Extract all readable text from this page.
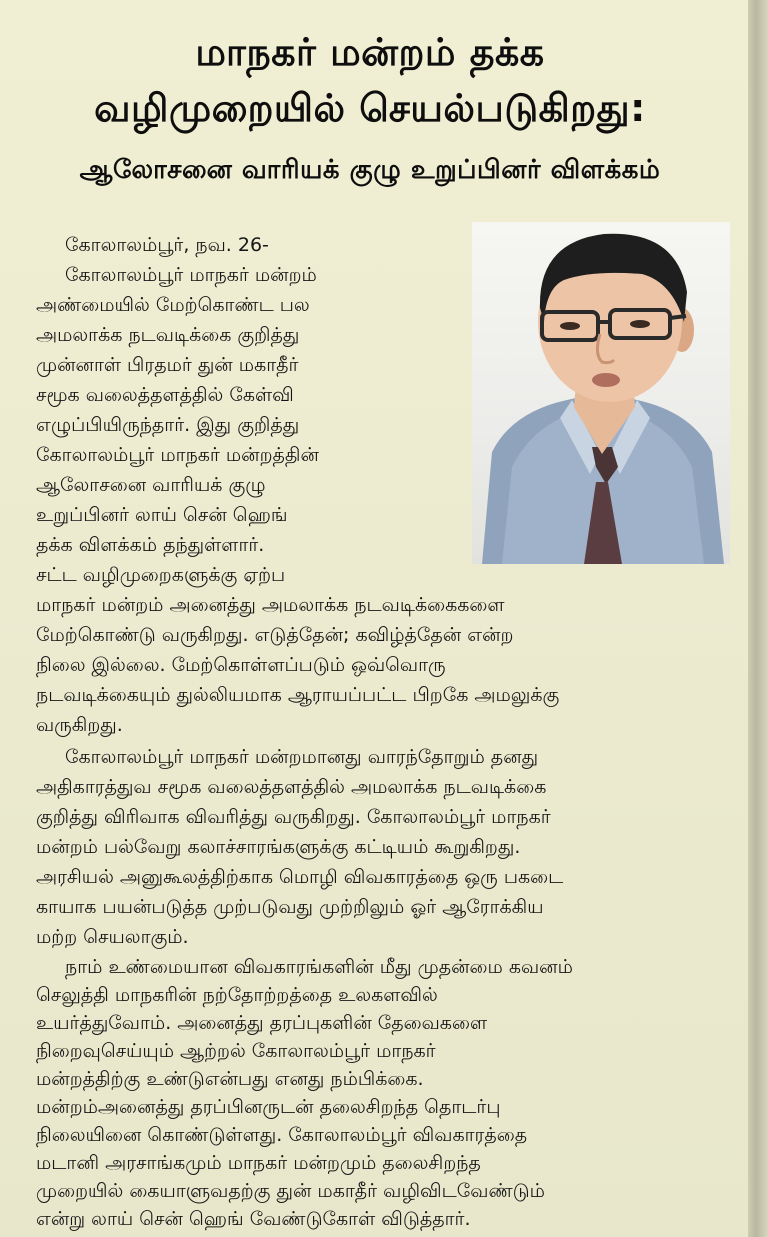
மாநகர் மன்றம் தக்க
வழிமுறையில் செயல்படுகிறது:
ஆலோசனை வாரியக் குழு உறுப்பினர் விளக்கம்
கோலாலம்பூர், நவ. 26-
கோலாலம்பூர் மாநகர் மன்றம்
அண்மையில் மேற்கொண்ட பல
அமலாக்க நடவடிக்கை குறித்து
முன்னாள் பிரதமர் துன் மகாதீர்
சமூக வலைத்தளத்தில் கேள்வி
எழுப்பியிருந்தார். இது குறித்து
கோலாலம்பூர் மாநகர் மன்றத்தின்
ஆலோசனை வாரியக் குழு
உறுப்பினர் லாய் சென் ஹெங்
தக்க விளக்கம் தந்துள்ளார்.
சட்ட வழிமுறைகளுக்கு ஏற்ப
மாநகர் மன்றம் அனைத்து அமலாக்க நடவடிக்கைகளை
மேற்கொண்டு வருகிறது. எடுத்தேன்; கவிழ்த்தேன் என்ற
நிலை இல்லை. மேற்கொள்ளப்படும் ஒவ்வொரு
நடவடிக்கையும் துல்லியமாக ஆராயப்பட்ட பிறகே அமலுக்கு
வருகிறது.
கோலாலம்பூர் மாநகர் மன்றமானது வாரந்தோறும் தனது
அதிகாரத்துவ சமூக வலைத்தளத்தில் அமலாக்க நடவடிக்கை
குறித்து விரிவாக விவரித்து வருகிறது. கோலாலம்பூர் மாநகர்
மன்றம் பல்வேறு கலாச்சாரங்களுக்கு கட்டியம் கூறுகிறது.
அரசியல் அனுகூலத்திற்காக மொழி விவகாரத்தை ஒரு பகடை
காயாக பயன்படுத்த முற்படுவது முற்றிலும் ஓர் ஆரோக்கிய
மற்ற செயலாகும்.
நாம் உண்மையான விவகாரங்களின் மீது முதன்மை கவனம்
செலுத்தி மாநகரின் நற்தோற்றத்தை உலகளவில்
உயர்த்துவோம். அனைத்து தரப்புகளின் தேவைகளை
நிறைவுசெய்யும் ஆற்றல் கோலாலம்பூர் மாநகர்
மன்றத்திற்கு உண்டுஎன்பது எனது நம்பிக்கை.
மன்றம்அனைத்து தரப்பினருடன் தலைசிறந்த தொடர்பு
நிலையினை கொண்டுள்ளது. கோலாலம்பூர் விவகாரத்தை
மடானி அரசாங்கமும் மாநகர் மன்றமும் தலைசிறந்த
முறையில் கையாளுவதற்கு துன் மகாதீர் வழிவிடவேண்டும்
என்று லாய் சென் ஹெங் வேண்டுகோள் விடுத்தார்.
